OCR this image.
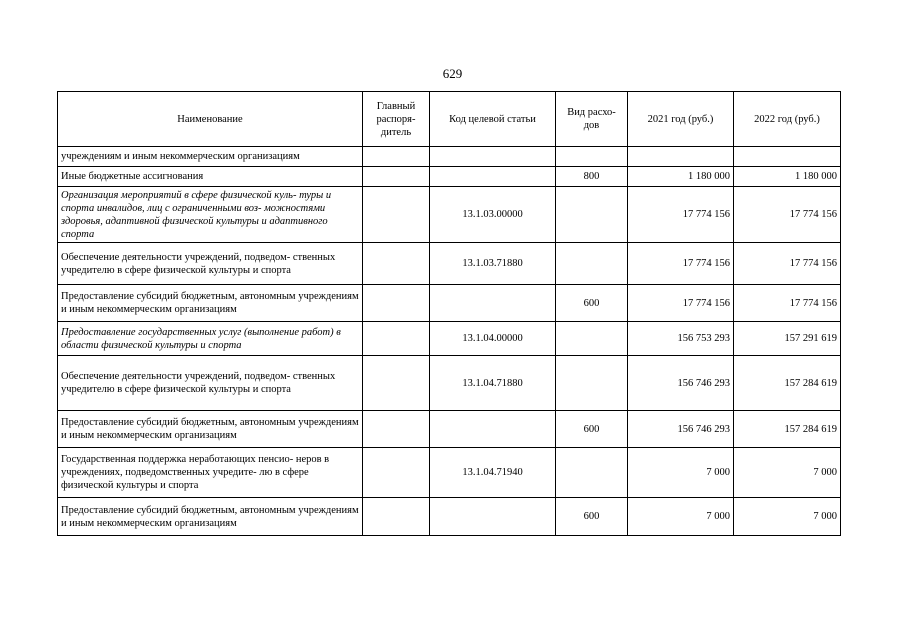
629
Наименование	Главный распоря- дитель	Код целевой статьи	Вид расхо- дов	2021 год (руб.)	2022 год (руб.)
учреждениям и иным некоммерческим организациям					
Иные бюджетные ассигнования			800	1 180 000	1 180 000
Организация мероприятий в сфере физической куль- туры и спорта инвалидов, лиц с ограниченными воз- можностями здоровья, адаптивной физической культуры и адаптивного спорта		13.1.03.00000		17 774 156	17 774 156
Обеспечение деятельности учреждений, подведом- ственных учредителю в сфере физической культуры и спорта		13.1.03.71880		17 774 156	17 774 156
Предоставление субсидий бюджетным, автономным учреждениям и иным некоммерческим организациям			600	17 774 156	17 774 156
Предоставление государственных услуг (выполнение работ) в области физической культуры и спорта		13.1.04.00000		156 753 293	157 291 619
Обеспечение деятельности учреждений, подведом- ственных учредителю в сфере физической культуры и спорта		13.1.04.71880		156 746 293	157 284 619
Предоставление субсидий бюджетным, автономным учреждениям и иным некоммерческим организациям			600	156 746 293	157 284 619
Государственная поддержка неработающих пенсио- неров в учреждениях, подведомственных учредите- лю в сфере физической культуры и спорта		13.1.04.71940		7 000	7 000
Предоставление субсидий бюджетным, автономным учреждениям и иным некоммерческим организациям			600	7 000	7 000
